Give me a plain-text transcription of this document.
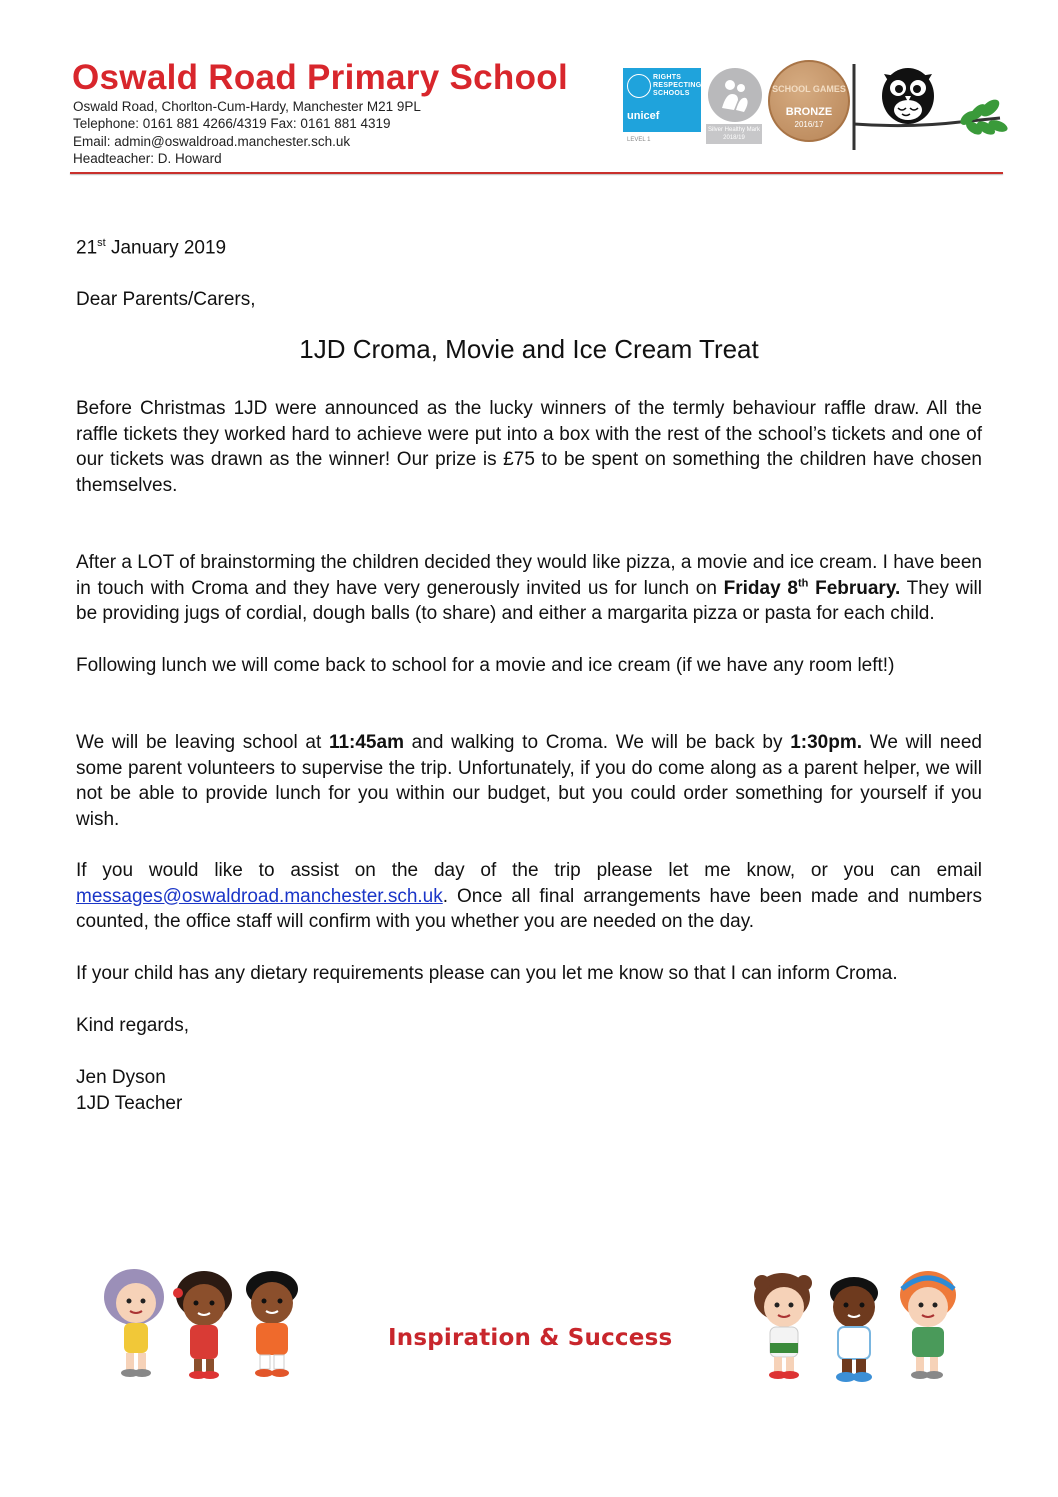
Oswald Road Primary School
Oswald Road, Chorlton-Cum-Hardy, Manchester M21 9PL
Telephone: 0161 881 4266/4319 Fax: 0161 881 4319
Email: admin@oswaldroad.manchester.sch.uk
Headteacher: D. Howard
RIGHTS RESPECTING SCHOOLS
unicef
LEVEL 1
Silver Healthy Mark 2018/19
SCHOOL GAMES
BRONZE
2016/17
21st January 2019
Dear Parents/Carers,
1JD Croma, Movie and Ice Cream Treat

Before Christmas 1JD were announced as the lucky winners of the termly behaviour raffle draw. All the raffle tickets they worked hard to achieve were put into a box with the rest of the school’s tickets and one of our tickets was drawn as the winner! Our prize is £75 to be spent on something the children have chosen themselves.

After a LOT of brainstorming the children decided they would like pizza, a movie and ice cream. I have been in touch with Croma and they have very generously invited us for lunch on Friday 8th February. They will be providing jugs of cordial, dough balls (to share) and either a margarita pizza or pasta for each child.

Following lunch we will come back to school for a movie and ice cream (if we have any room left!)

We will be leaving school at 11:45am and walking to Croma. We will be back by 1:30pm. We will need some parent volunteers to supervise the trip. Unfortunately, if you do come along as a parent helper, we will not be able to provide lunch for you within our budget, but you could order something for yourself if you wish.

If you would like to assist on the day of the trip please let me know, or you can email messages@oswaldroad.manchester.sch.uk. Once all final arrangements have been made and numbers counted, the office staff will confirm with you whether you are needed on the day.

If your child has any dietary requirements please can you let me know so that I can inform Croma.

Kind regards,
Jen Dyson
1JD Teacher

Inspiration & Success
